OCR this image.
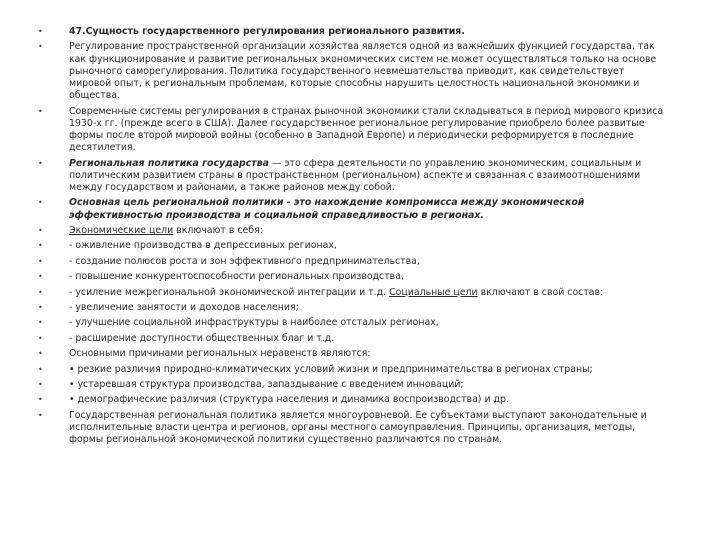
•	47.Сущность государственного регулирования регионального развития.
•	Регулирование пространственной организации хозяйства является одной из важнейших функцией государства, так как функционирование и развитие региональных экономических систем не может осуществляться только на основе рыночного саморегулирования. Политика государственного невмешательства приводит, как свидетельствует мировой опыт, к региональным проблемам, которые способны нарушить целостность национальной экономики и общества.
•	Современные системы регулирования в странах рыночной экономики стали складываться в период мирового кризиса 1930-х гг. (прежде всего в США). Далее государственное региональное регулирование приобрело более развитые формы после второй мировой войны (особенно в Западной Европе) и периодически реформируется в последние десятилетия.
•	Региональная политика государства — это сфера деятельности по управлению экономическим, социальным и политическим развитием страны в пространственном (региональном) аспекте и связанная с взаимоотношениями между государством и районами, а также районов между собой.
•	Основная цель региональной политики - это нахождение компромисса между экономической эффективностью производства и социальной справедливостью в регионах.
•	Экономические цели включают в себя:
•	- оживление производства в депрессивных регионах,
•	- создание полюсов роста и зон эффективного предпринимательства,
•	- повышение конкурентоспособности региональных производства,
•	- усиление межрегиональной экономической интеграции и т.д. Социальные цели включают в свой состав:
•	- увеличение занятости и доходов населения;
•	- улучшение социальной инфраструктуры в наиболее отсталых регионах,
•	- расширение доступности общественных благ и т.д.
•	Основными причинами региональных неравенств являются:
•	• резкие различия природно-климатических условий жизни и предпринимательства в регионах страны;
•	• устаревшая структура производства, запаздывание с введением инноваций;
•	• демографические различия (структура населения и динамика воспроизводства) и др.
•	Государственная региональная политика является многоуровневой. Ее субъектами выступают законодательные и исполнительные власти центра и регионов, органы местного самоуправления. Принципы, организация, методы, формы региональной экономической политики существенно различаются по странам.
